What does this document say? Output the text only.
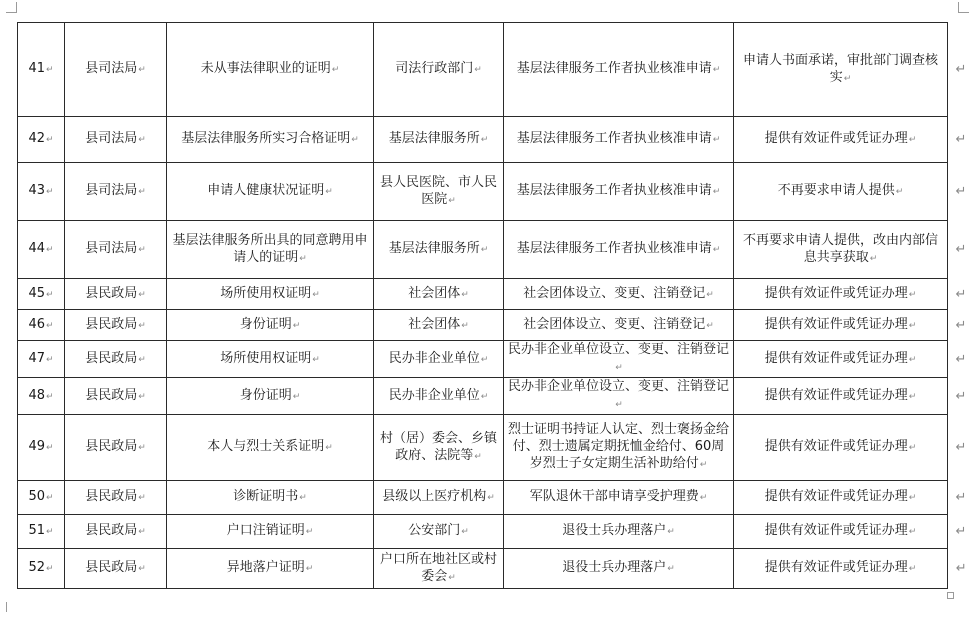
41↵	县司法局↵	未从事法律职业的证明↵	司法行政部门↵	基层法律服务工作者执业核准申请↵	申请人书面承诺，审批部门调查核实↵	↵
42↵	县司法局↵	基层法律服务所实习合格证明↵	基层法律服务所↵	基层法律服务工作者执业核准申请↵	提供有效证件或凭证办理↵	↵
43↵	县司法局↵	申请人健康状况证明↵	县人民医院、市人民医院↵	基层法律服务工作者执业核准申请↵	不再要求申请人提供↵	↵
44↵	县司法局↵	基层法律服务所出具的同意聘用申请人的证明↵	基层法律服务所↵	基层法律服务工作者执业核准申请↵	不再要求申请人提供，改由内部信息共享获取↵	↵
45↵	县民政局↵	场所使用权证明↵	社会团体↵	社会团体设立、变更、注销登记↵	提供有效证件或凭证办理↵	↵
46↵	县民政局↵	身份证明↵	社会团体↵	社会团体设立、变更、注销登记↵	提供有效证件或凭证办理↵	↵
47↵	县民政局↵	场所使用权证明↵	民办非企业单位↵	民办非企业单位设立、变更、注销登记↵	提供有效证件或凭证办理↵	↵
48↵	县民政局↵	身份证明↵	民办非企业单位↵	民办非企业单位设立、变更、注销登记↵	提供有效证件或凭证办理↵	↵
49↵	县民政局↵	本人与烈士关系证明↵	村（居）委会、乡镇政府、法院等↵	烈士证明书持证人认定、烈士褒扬金给付、烈士遗属定期抚恤金给付、60周岁烈士子女定期生活补助给付↵	提供有效证件或凭证办理↵	↵
50↵	县民政局↵	诊断证明书↵	县级以上医疗机构↵	军队退休干部申请享受护理费↵	提供有效证件或凭证办理↵	↵
51↵	县民政局↵	户口注销证明↵	公安部门↵	退役士兵办理落户↵	提供有效证件或凭证办理↵	↵
52↵	县民政局↵	异地落户证明↵	户口所在地社区或村委会↵	退役士兵办理落户↵	提供有效证件或凭证办理↵	↵
